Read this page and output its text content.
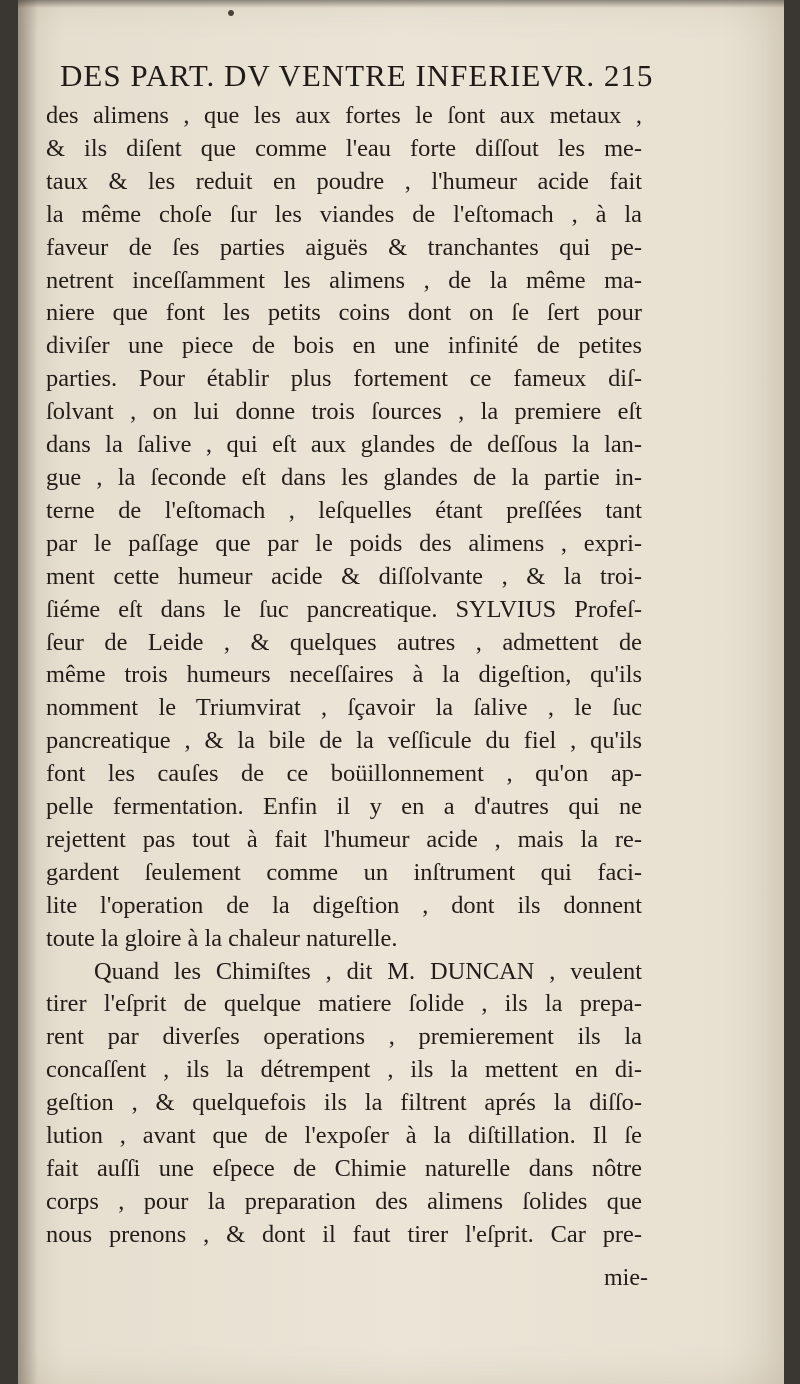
DES PART. DV VENTRE INFERIEVR. 215
des alimens , que les aux fortes le ſont aux metaux ,
& ils diſent que comme l'eau forte diſſout les me-
taux & les reduit en poudre , l'humeur acide fait
la même choſe ſur les viandes de l'eſtomach , à la
faveur de ſes parties aiguës & tranchantes qui pe-
netrent inceſſamment les alimens , de la même ma-
niere que font les petits coins dont on ſe ſert pour
diviſer une piece de bois en une infinité de petites
parties. Pour établir plus fortement ce fameux diſ-
ſolvant , on lui donne trois ſources , la premiere eſt
dans la ſalive , qui eſt aux glandes de deſſous la lan-
gue , la ſeconde eſt dans les glandes de la partie in-
terne de l'eſtomach , leſquelles étant preſſées tant
par le paſſage que par le poids des alimens , expri-
ment cette humeur acide & diſſolvante , & la troi-
ſiéme eſt dans le ſuc pancreatique. SYLVIUS Profeſ-
ſeur de Leide , & quelques autres , admettent de
même trois humeurs neceſſaires à la digeſtion, qu'ils
nomment le Triumvirat , ſçavoir la ſalive , le ſuc
pancreatique , & la bile de la veſſicule du fiel , qu'ils
font les cauſes de ce boüillonnement , qu'on ap-
pelle fermentation. Enfin il y en a d'autres qui ne
rejettent pas tout à fait l'humeur acide , mais la re-
gardent ſeulement comme un inſtrument qui faci-
lite l'operation de la digeſtion , dont ils donnent
toute la gloire à la chaleur naturelle.
Quand les Chimiſtes , dit M. DUNCAN , veulent
tirer l'eſprit de quelque matiere ſolide , ils la prepa-
rent par diverſes operations , premierement ils la
concaſſent , ils la détrempent , ils la mettent en di-
geſtion , & quelquefois ils la filtrent aprés la diſſo-
lution , avant que de l'expoſer à la diſtillation. Il ſe
fait auſſi une eſpece de Chimie naturelle dans nôtre
corps , pour la preparation des alimens ſolides que
nous prenons , & dont il faut tirer l'eſprit. Car pre-
mie-
